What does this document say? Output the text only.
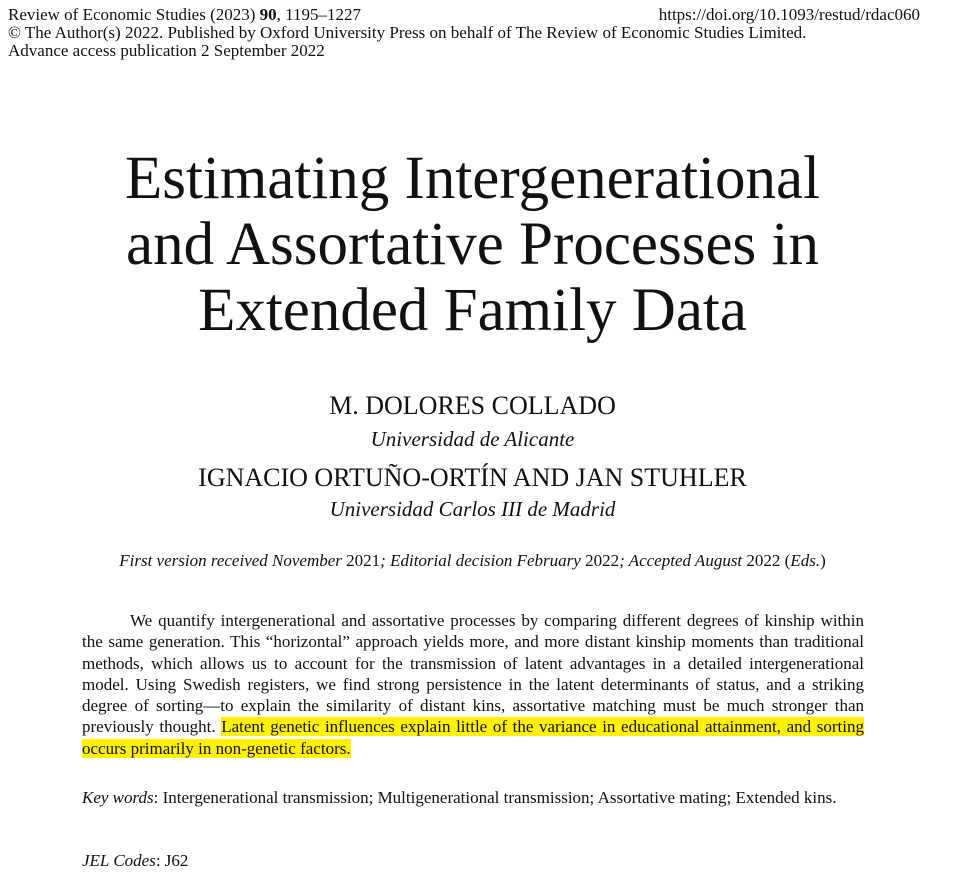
Review of Economic Studies (2023) 90, 1195–1227	https://doi.org/10.1093/restud/rdac060
© The Author(s) 2022. Published by Oxford University Press on behalf of The Review of Economic Studies Limited.
Advance access publication 2 September 2022
Estimating Intergenerational
and Assortative Processes in
Extended Family Data
M. DOLORES COLLADO
Universidad de Alicante
IGNACIO ORTUÑO-ORTÍN AND JAN STUHLER
Universidad Carlos III de Madrid
First version received November 2021; Editorial decision February 2022; Accepted August 2022 (Eds.)

We quantify intergenerational and assortative processes by comparing different degrees of kinship within the same generation. This “horizontal” approach yields more, and more distant kinship moments than traditional methods, which allows us to account for the transmission of latent advantages in a detailed intergenerational model. Using Swedish registers, we find strong persistence in the latent determinants of status, and a striking degree of sorting—to explain the similarity of distant kins, assortative matching must be much stronger than previously thought. Latent genetic influences explain little of the variance in educational attainment, and sorting occurs primarily in non-genetic factors.

Key words: Intergenerational transmission; Multigenerational transmission; Assortative mating; Extended kins.

JEL Codes: J62
